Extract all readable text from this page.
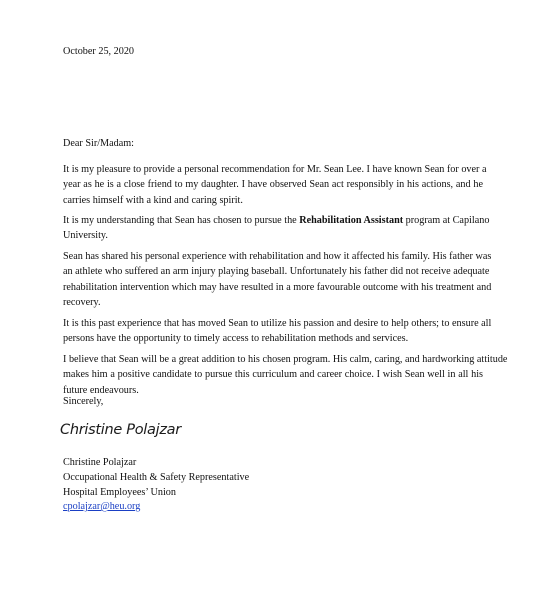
October 25, 2020
Dear Sir/Madam:
It is my pleasure to provide a personal recommendation for Mr. Sean Lee. I have known Sean for over a
year as he is a close friend to my daughter. I have observed Sean act responsibly in his actions, and he
carries himself with a kind and caring spirit.
It is my understanding that Sean has chosen to pursue the Rehabilitation Assistant program at Capilano
University.
Sean has shared his personal experience with rehabilitation and how it affected his family. His father was
an athlete who suffered an arm injury playing baseball. Unfortunately his father did not receive adequate
rehabilitation intervention which may have resulted in a more favourable outcome with his treatment and
recovery.
It is this past experience that has moved Sean to utilize his passion and desire to help others; to ensure all
persons have the opportunity to timely access to rehabilitation methods and services.
I believe that Sean will be a great addition to his chosen program. His calm, caring, and hardworking attitude
makes him a positive candidate to pursue this curriculum and career choice. I wish Sean well in all his
future endeavours.
Sincerely,
Christine Polajzar
Christine Polajzar
Occupational Health & Safety Representative
Hospital Employees’ Union
cpolajzar@heu.org
